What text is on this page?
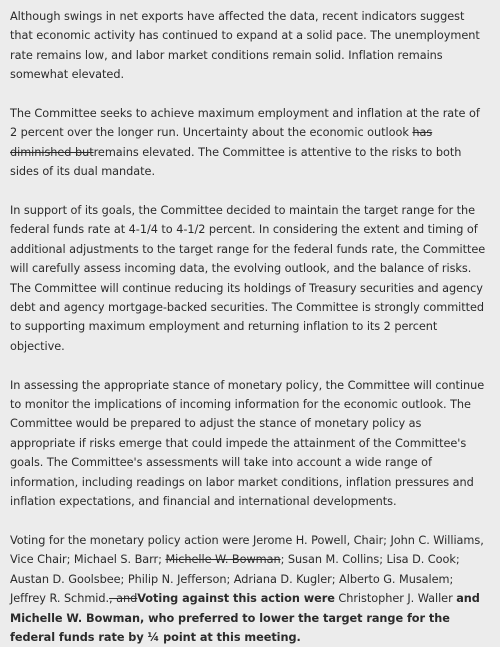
Although swings in net exports have affected the data, recent indicators suggest that economic activity has continued to expand at a solid pace. The unemployment rate remains low, and labor market conditions remain solid. Inflation remains somewhat elevated.

The Committee seeks to achieve maximum employment and inflation at the rate of 2 percent over the longer run. Uncertainty about the economic outlook has diminished butremains elevated. The Committee is attentive to the risks to both sides of its dual mandate.

In support of its goals, the Committee decided to maintain the target range for the federal funds rate at 4-1/4 to 4-1/2 percent. In considering the extent and timing of additional adjustments to the target range for the federal funds rate, the Committee will carefully assess incoming data, the evolving outlook, and the balance of risks. The Committee will continue reducing its holdings of Treasury securities and agency debt and agency mortgage-backed securities. The Committee is strongly committed to supporting maximum employment and returning inflation to its 2 percent objective.

In assessing the appropriate stance of monetary policy, the Committee will continue to monitor the implications of incoming information for the economic outlook. The Committee would be prepared to adjust the stance of monetary policy as appropriate if risks emerge that could impede the attainment of the Committee's goals. The Committee's assessments will take into account a wide range of information, including readings on labor market conditions, inflation pressures and inflation expectations, and financial and international developments.

Voting for the monetary policy action were Jerome H. Powell, Chair; John C. Williams, Vice Chair; Michael S. Barr; Michelle W. Bowman; Susan M. Collins; Lisa D. Cook; Austan D. Goolsbee; Philip N. Jefferson; Adriana D. Kugler; Alberto G. Musalem; Jeffrey R. Schmid., andVoting against this action were Christopher J. Waller and Michelle W. Bowman, who preferred to lower the target range for the federal funds rate by ¼ point at this meeting.
